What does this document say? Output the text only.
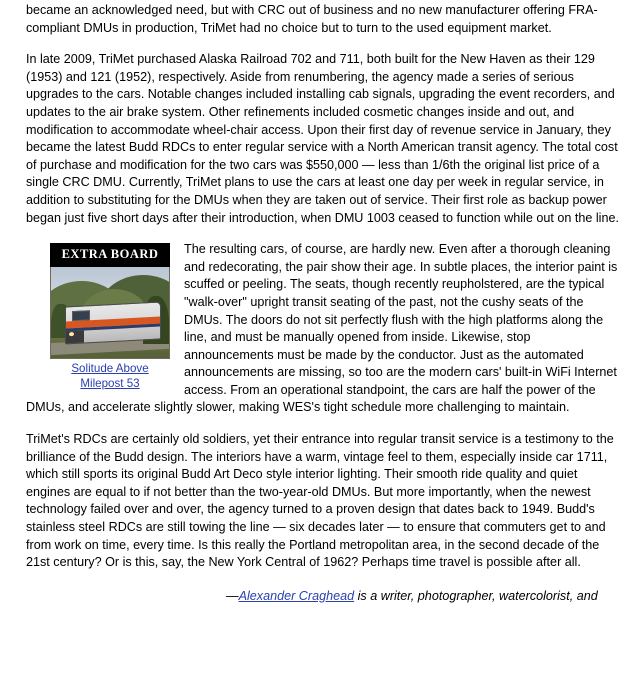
became an acknowledged need, but with CRC out of business and no new manufacturer offering FRA-compliant DMUs in production, TriMet had no choice but to turn to the used equipment market.

In late 2009, TriMet purchased Alaska Railroad 702 and 711, both built for the New Haven as their 129 (1953) and 121 (1952), respectively. Aside from renumbering, the agency made a series of serious upgrades to the cars. Notable changes included installing cab signals, upgrading the event recorders, and updates to the air brake system. Other refinements included cosmetic changes inside and out, and modification to accommodate wheel-chair access. Upon their first day of revenue service in January, they became the latest Budd RDCs to enter regular service with a North American transit agency. The total cost of purchase and modification for the two cars was $550,000 — less than 1/6th the original list price of a single CRC DMU. Currently, TriMet plans to use the cars at least one day per week in regular service, in addition to substituting for the DMUs when they are taken out of service. Their first role as backup power began just five short days after their introduction, when DMU 1003 ceased to function while out on the line.

EXTRA BOARD
Solitude Above Milepost 53

The resulting cars, of course, are hardly new. Even after a thorough cleaning and redecorating, the pair show their age. In subtle places, the interior paint is scuffed or peeling. The seats, though recently reupholstered, are the typical "walk-over" upright transit seating of the past, not the cushy seats of the DMUs. The doors do not sit perfectly flush with the high platforms along the line, and must be manually opened from inside. Likewise, stop announcements must be made by the conductor. Just as the automated announcements are missing, so too are the modern cars' built-in WiFi Internet access. From an operational standpoint, the cars are half the power of the DMUs, and accelerate slightly slower, making WES's tight schedule more challenging to maintain.

TriMet's RDCs are certainly old soldiers, yet their entrance into regular transit service is a testimony to the brilliance of the Budd design. The interiors have a warm, vintage feel to them, especially inside car 1711, which still sports its original Budd Art Deco style interior lighting. Their smooth ride quality and quiet engines are equal to if not better than the two-year-old DMUs. But more importantly, when the newest technology failed over and over, the agency turned to a proven design that dates back to 1949. Budd's stainless steel RDCs are still towing the line — six decades later — to ensure that commuters get to and from work on time, every time. Is this really the Portland metropolitan area, in the second decade of the 21st century? Or is this, say, the New York Central of 1962? Perhaps time travel is possible after all.

—Alexander Craghead is a writer, photographer, watercolorist, and
